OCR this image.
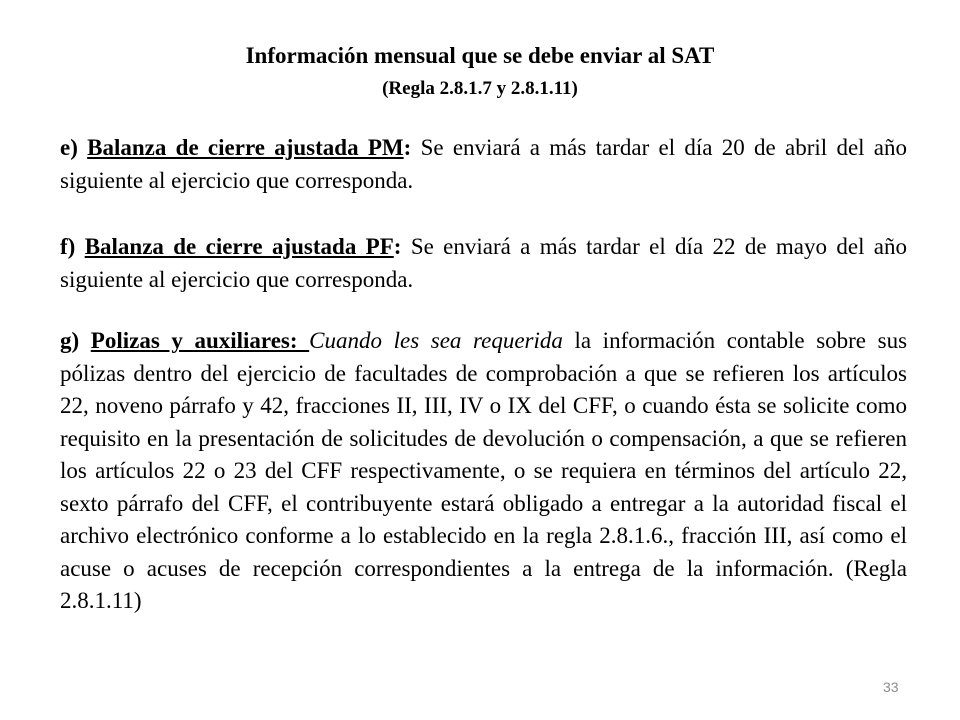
Información mensual que se debe enviar al SAT
(Regla 2.8.1.7 y 2.8.1.11)

e) Balanza de cierre ajustada PM: Se enviará a más tardar el día 20 de abril del año siguiente al ejercicio que corresponda.

f) Balanza de cierre ajustada PF: Se enviará a más tardar el día 22 de mayo del año siguiente al ejercicio que corresponda.

g) Polizas y auxiliares: Cuando les sea requerida la información contable sobre sus pólizas dentro del ejercicio de facultades de comprobación a que se refieren los artículos 22, noveno párrafo y 42, fracciones II, III, IV o IX del CFF, o cuando ésta se solicite como requisito en la presentación de solicitudes de devolución o compensación, a que se refieren los artículos 22 o 23 del CFF respectivamente, o se requiera en términos del artículo 22, sexto párrafo del CFF, el contribuyente estará obligado a entregar a la autoridad fiscal el archivo electrónico conforme a lo establecido en la regla 2.8.1.6., fracción III, así como el acuse o acuses de recepción correspondientes a la entrega de la información. (Regla 2.8.1.11)

33
